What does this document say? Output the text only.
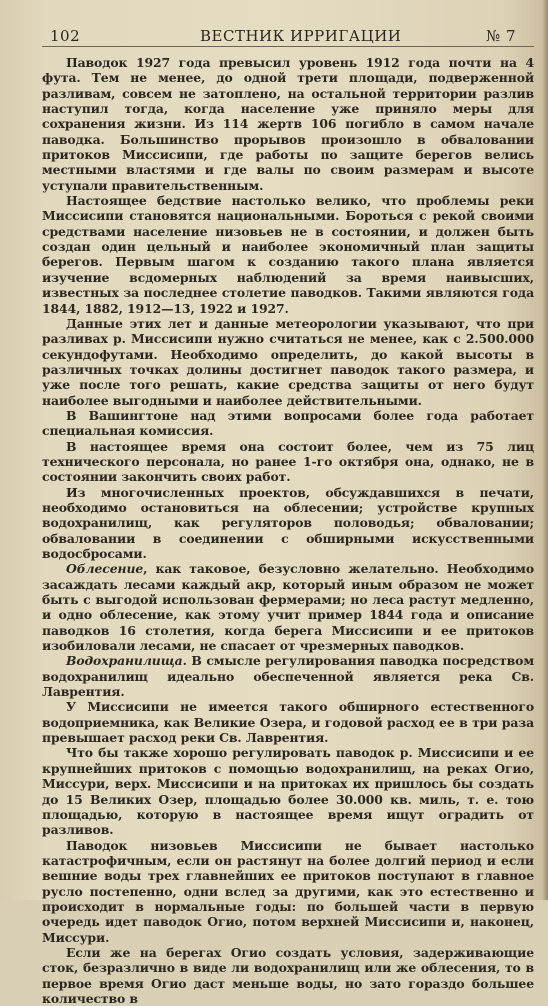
102	ВЕСТНИК ИРРИГАЦИИ	№ 7

Паводок 1927 года превысил уровень 1912 года почти на 4 фута. Тем не менее, до одной трети площади, подверженной разливам, совсем не затоплено, на остальной территории разлив наступил тогда, когда население уже приняло меры для сохранения жизни. Из 114 жертв 106 погибло в самом начале паводка. Большинство прорывов произошло в обваловании притоков Миссисипи, где работы по защите берегов велись местными властями и где валы по своим размерам и высоте уступали правительственным.

Настоящее бедствие настолько велико, что проблемы реки Миссисипи становятся национальными. Бороться с рекой своими средствами население низовьев не в состоянии, и должен быть создан один цельный и наиболее экономичный план защиты берегов. Первым шагом к созданию такого плана является изучение всдомерных наблюдений за время наивысших, известных за последнее столетие паводков. Такими являются года 1844, 1882, 1912—13, 1922 и 1927.

Данные этих лет и данные метеорологии указывают, что при разливах р. Миссисипи нужно считаться не менее, как с 2.500.000 секундофутами. Необходимо определить, до какой высоты в различных точках долины достигнет паводок такого размера, и уже после того решать, какие средства защиты от него будут наиболее выгодными и наиболее действительными.

В Вашингтоне над этими вопросами более года работает специальная комиссия.

В настоящее время она состоит более, чем из 75 лиц технического персонала, но ранее 1-го октября она, однако, не в состоянии закончить своих работ.

Из многочисленных проектов, обсуждавшихся в печати, необходимо остановиться на облесении; устройстве крупных водохранилищ, как регуляторов половодья; обваловании; обваловании в соединении с обширными искусственными водосбросами.

Облесение, как таковое, безусловно желательно. Необходимо засаждать лесами каждый акр, который иным образом не может быть с выгодой использован фермерами; но леса растут медленно, и одно облесение, как этому учит пример 1844 года и описание паводков 16 столетия, когда берега Миссисипи и ее притоков изобиловали лесами, не спасает от чрезмерных паводков.

Водохранилища. В смысле регулирования паводка посредством водохранилищ идеально обеспеченной является река Св. Лаврентия.

У Миссисипи не имеется такого обширного естественного водоприемника, как Великие Озера, и годовой расход ее в три раза превышает расход реки Св. Лаврентия.

Что бы также хорошо регулировать паводок р. Миссисипи и ее крупнейших притоков с помощью водохранилищ, на реках Огио, Миссури, верх. Миссисипи и на притоках их пришлось бы создать до 15 Великих Озер, площадью более 30.000 кв. миль, т. е. тою площадью, которую в настоящее время ищут оградить от разливов.

Паводок низовьев Миссисипи не бывает настолько катастрофичным, если он растянут на более долгий период и если вешние воды трех главнейших ее притоков поступают в главное русло постепенно, одни вслед за другими, как это естественно и происходит в нормальные годы: по большей части в первую очередь идет паводок Огио, потом верхней Миссисипи и, наконец, Миссури.

Если же на берегах Огио создать условия, задерживающие сток, безразлично в виде ли водохранилищ или же облесения, то в первое время Огио даст меньше воды, но зато гораздо большее количество в
